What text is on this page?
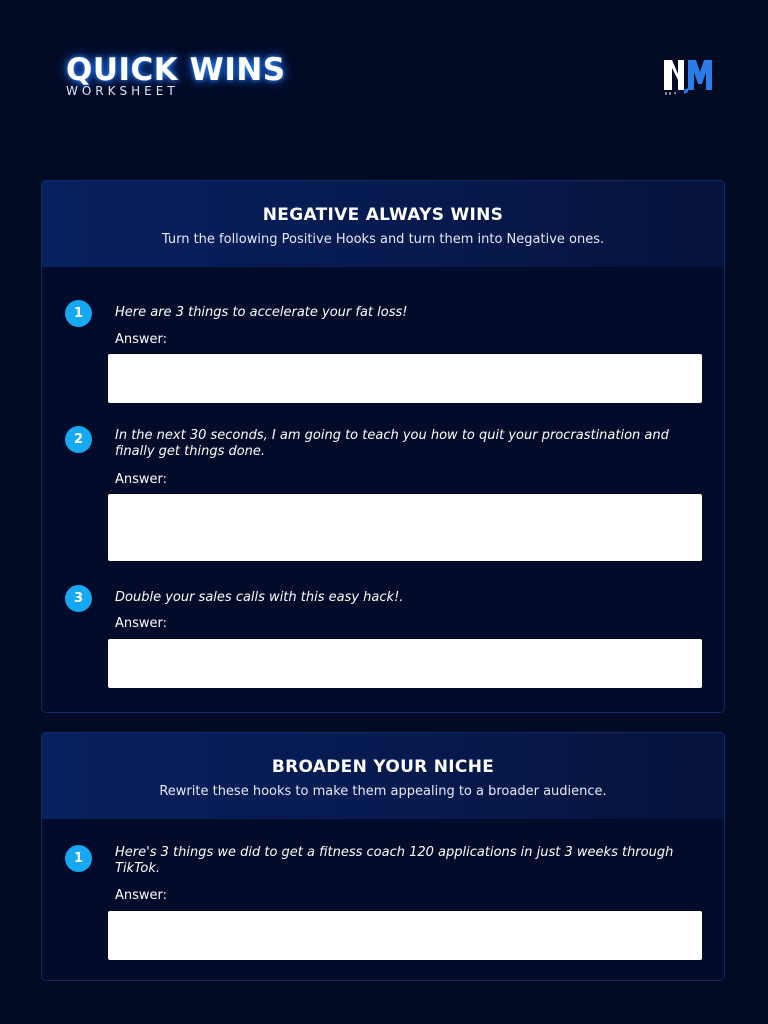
QUICK WINS
WORKSHEET
NEGATIVE ALWAYS WINS
Turn the following Positive Hooks and turn them into Negative ones.
1	Here are 3 things to accelerate your fat loss!
Answer:
2	In the next 30 seconds, I am going to teach you how to quit your procrastination and finally get things done.
Answer:
3	Double your sales calls with this easy hack!.
Answer:
BROADEN YOUR NICHE
Rewrite these hooks to make them appealing to a broader audience.
1	Here's 3 things we did to get a fitness coach 120 applications in just 3 weeks through TikTok.
Answer:
